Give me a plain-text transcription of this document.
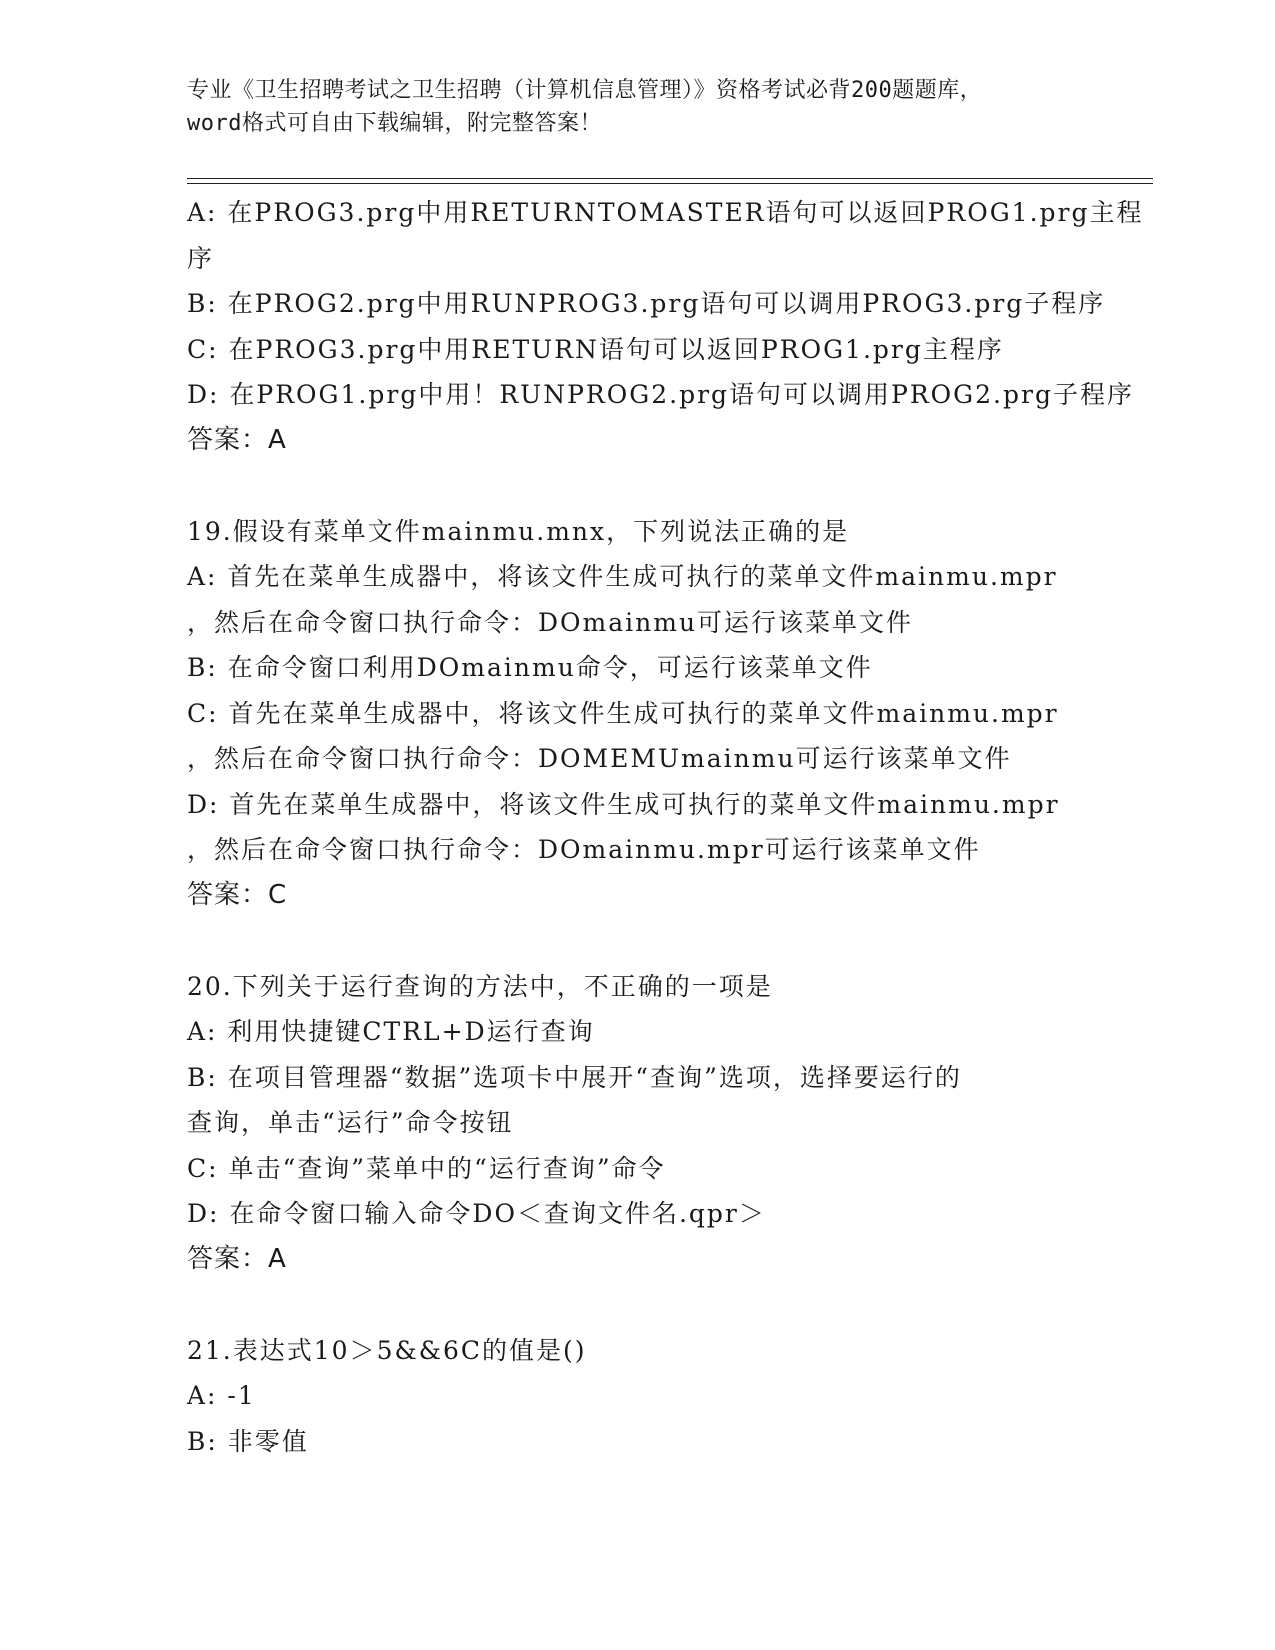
专业《卫生招聘考试之卫生招聘（计算机信息管理）》资格考试必背200题题库，
word格式可自由下载编辑，附完整答案！
A: 在PROG3.prg中用RETURNTOMASTER语句可以返回PROG1.prg主程
序
B: 在PROG2.prg中用RUNPROG3.prg语句可以调用PROG3.prg子程序
C: 在PROG3.prg中用RETURN语句可以返回PROG1.prg主程序
D: 在PROG1.prg中用！RUNPROG2.prg语句可以调用PROG2.prg子程序
答案：A
19.假设有菜单文件mainmu.mnx，下列说法正确的是
A: 首先在菜单生成器中，将该文件生成可执行的菜单文件mainmu.mpr
，然后在命令窗口执行命令：DOmainmu可运行该菜单文件
B: 在命令窗口利用DOmainmu命令，可运行该菜单文件
C: 首先在菜单生成器中，将该文件生成可执行的菜单文件mainmu.mpr
，然后在命令窗口执行命令：DOMEMUmainmu可运行该菜单文件
D: 首先在菜单生成器中，将该文件生成可执行的菜单文件mainmu.mpr
，然后在命令窗口执行命令：DOmainmu.mpr可运行该菜单文件
答案：C
20.下列关于运行查询的方法中，不正确的一项是
A: 利用快捷键CTRL+D运行查询
B: 在项目管理器“数据”选项卡中展开“查询”选项，选择要运行的
查询，单击“运行”命令按钮
C: 单击“查询”菜单中的“运行查询”命令
D: 在命令窗口输入命令DO＜查询文件名.qpr＞
答案：A
21.表达式10＞5&&6C的值是()
A: -1
B: 非零值
